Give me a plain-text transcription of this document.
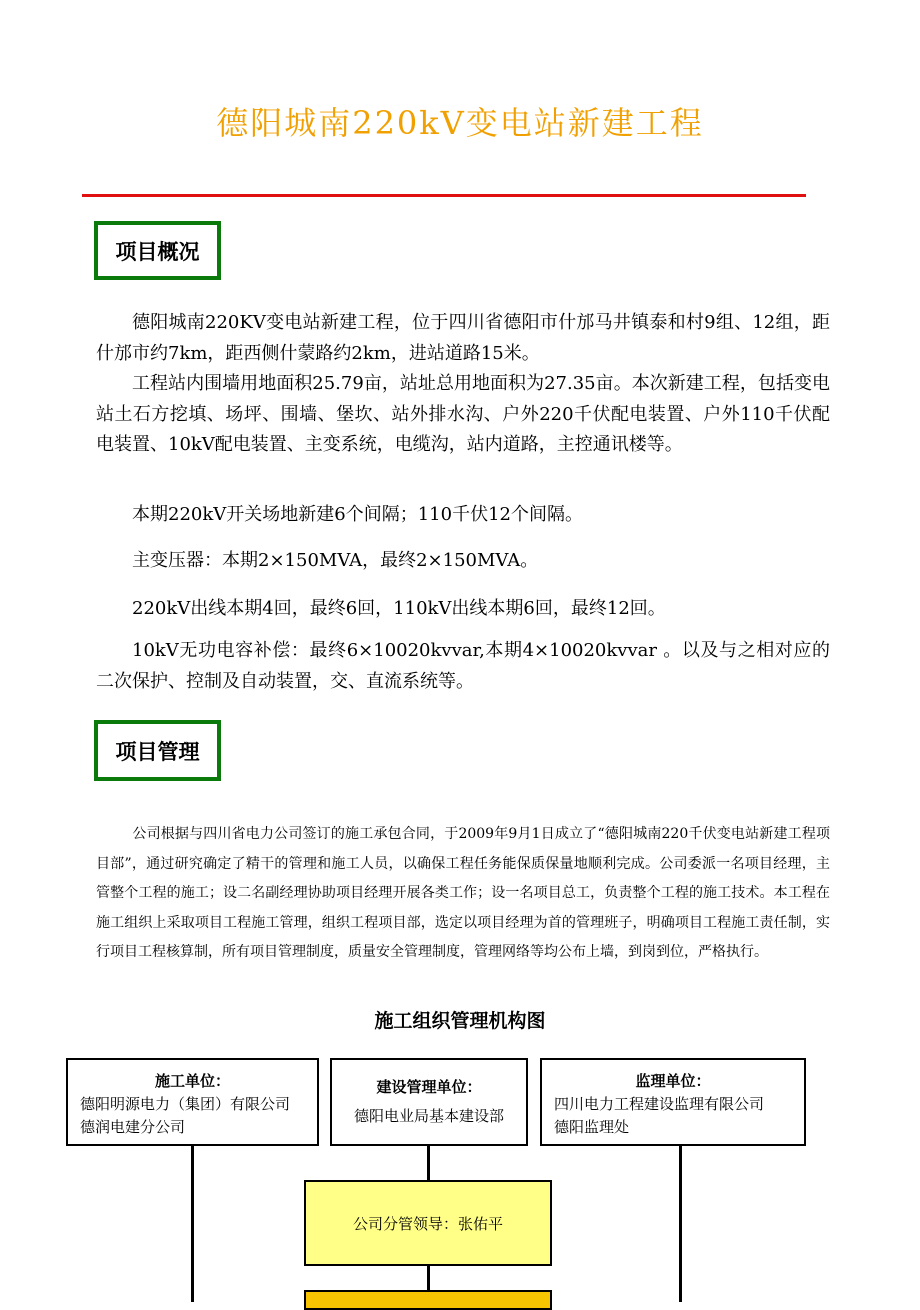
德阳城南220kV变电站新建工程
项目概况

德阳城南220KV变电站新建工程，位于四川省德阳市什邡马井镇泰和村9组、12组，距什邡市约7km，距西侧什蒙路约2km，进站道路15米。

工程站内围墙用地面积25.79亩，站址总用地面积为27.35亩。本次新建工程，包括变电站土石方挖填、场坪、围墙、堡坎、站外排水沟、户外220千伏配电装置、户外110千伏配电装置、10kV配电装置、主变系统，电缆沟，站内道路，主控通讯楼等。

本期220kV开关场地新建6个间隔；110千伏12个间隔。

主变压器：本期2×150MVA，最终2×150MVA。

220kV出线本期4回，最终6回，110kV出线本期6回，最终12回。

10kV无功电容补偿：最终6×10020kvvar,本期4×10020kvvar 。以及与之相对应的二次保护、控制及自动装置，交、直流系统等。

项目管理

公司根据与四川省电力公司签订的施工承包合同，于2009年9月1日成立了“德阳城南220千伏变电站新建工程项目部”，通过研究确定了精干的管理和施工人员，以确保工程任务能保质保量地顺利完成。公司委派一名项目经理，主管整个工程的施工；设二名副经理协助项目经理开展各类工作；设一名项目总工，负责整个工程的施工技术。本工程在施工组织上采取项目工程施工管理，组织工程项目部，选定以项目经理为首的管理班子，明确项目工程施工责任制，实行项目工程核算制，所有项目管理制度，质量安全管理制度，管理网络等均公布上墙，到岗到位，严格执行。

施工组织管理机构图
施工单位：
德阳明源电力（集团）有限公司
德润电建分公司
建设管理单位：
德阳电业局基本建设部
监理单位：
四川电力工程建设监理有限公司
德阳监理处
公司分管领导：张佑平
